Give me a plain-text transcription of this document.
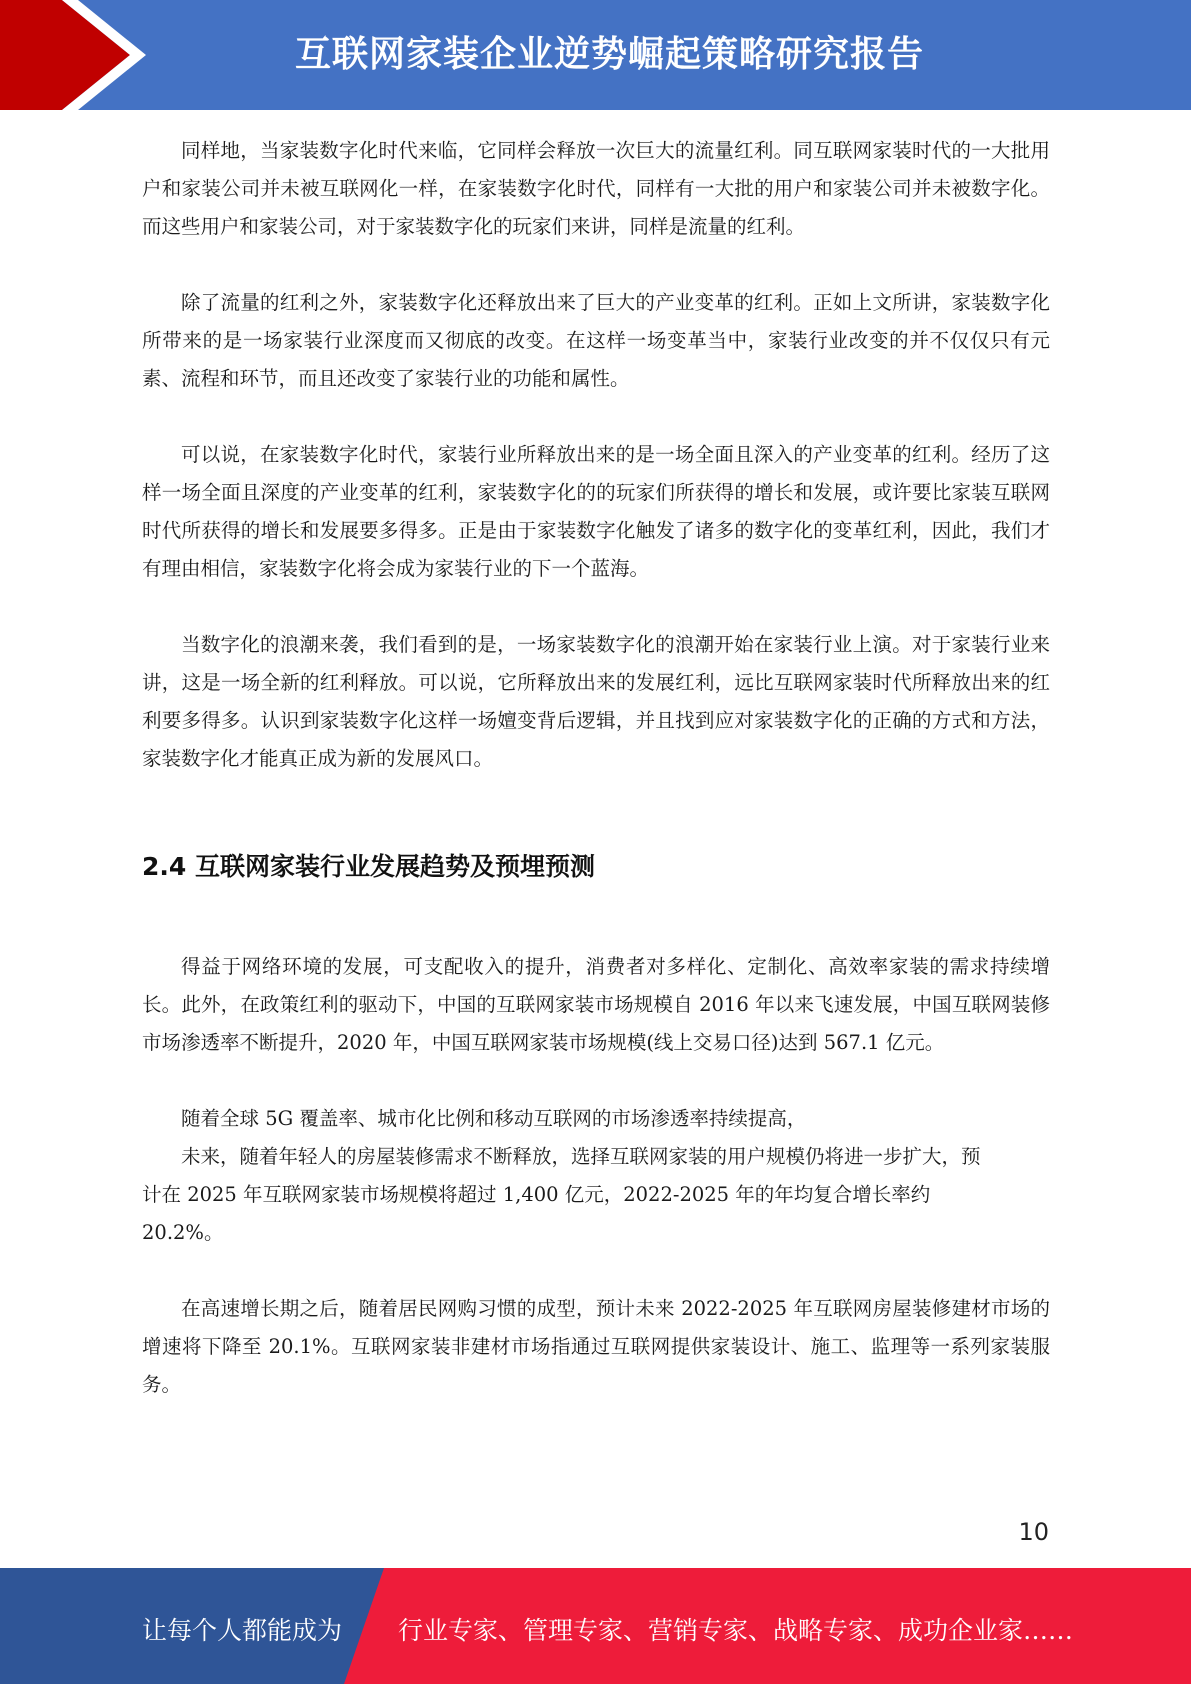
互联网家装企业逆势崛起策略研究报告

同样地，当家装数字化时代来临，它同样会释放一次巨大的流量红利。同互联网家装时代的一大批用户和家装公司并未被互联网化一样，在家装数字化时代，同样有一大批的用户和家装公司并未被数字化。而这些用户和家装公司，对于家装数字化的玩家们来讲，同样是流量的红利。

除了流量的红利之外，家装数字化还释放出来了巨大的产业变革的红利。正如上文所讲，家装数字化所带来的是一场家装行业深度而又彻底的改变。在这样一场变革当中，家装行业改变的并不仅仅只有元素、流程和环节，而且还改变了家装行业的功能和属性。

可以说，在家装数字化时代，家装行业所释放出来的是一场全面且深入的产业变革的红利。经历了这样一场全面且深度的产业变革的红利，家装数字化的的玩家们所获得的增长和发展，或许要比家装互联网时代所获得的增长和发展要多得多。正是由于家装数字化触发了诸多的数字化的变革红利，因此，我们才有理由相信，家装数字化将会成为家装行业的下一个蓝海。

当数字化的浪潮来袭，我们看到的是，一场家装数字化的浪潮开始在家装行业上演。对于家装行业来讲，这是一场全新的红利释放。可以说，它所释放出来的发展红利，远比互联网家装时代所释放出来的红利要多得多。认识到家装数字化这样一场嬗变背后逻辑，并且找到应对家装数字化的正确的方式和方法，家装数字化才能真正成为新的发展风口。

2.4 互联网家装行业发展趋势及预埋预测

得益于网络环境的发展，可支配收入的提升，消费者对多样化、定制化、高效率家装的需求持续增长。此外，在政策红利的驱动下，中国的互联网家装市场规模自 2016 年以来飞速发展，中国互联网装修市场渗透率不断提升，2020 年，中国互联网家装市场规模(线上交易口径)达到 567.1 亿元。

随着全球 5G 覆盖率、城市化比例和移动互联网的市场渗透率持续提高，
未来，随着年轻人的房屋装修需求不断释放，选择互联网家装的用户规模仍将进一步扩大，预
计在 2025 年互联网家装市场规模将超过 1,400 亿元，2022-2025 年的年均复合增长率约
20.2%。

在高速增长期之后，随着居民网购习惯的成型，预计未来 2022-2025 年互联网房屋装修建材市场的增速将下降至 20.1%。互联网家装非建材市场指通过互联网提供家装设计、施工、监理等一系列家装服务。

10
让每个人都能成为 行业专家、管理专家、营销专家、战略专家、成功企业家……
